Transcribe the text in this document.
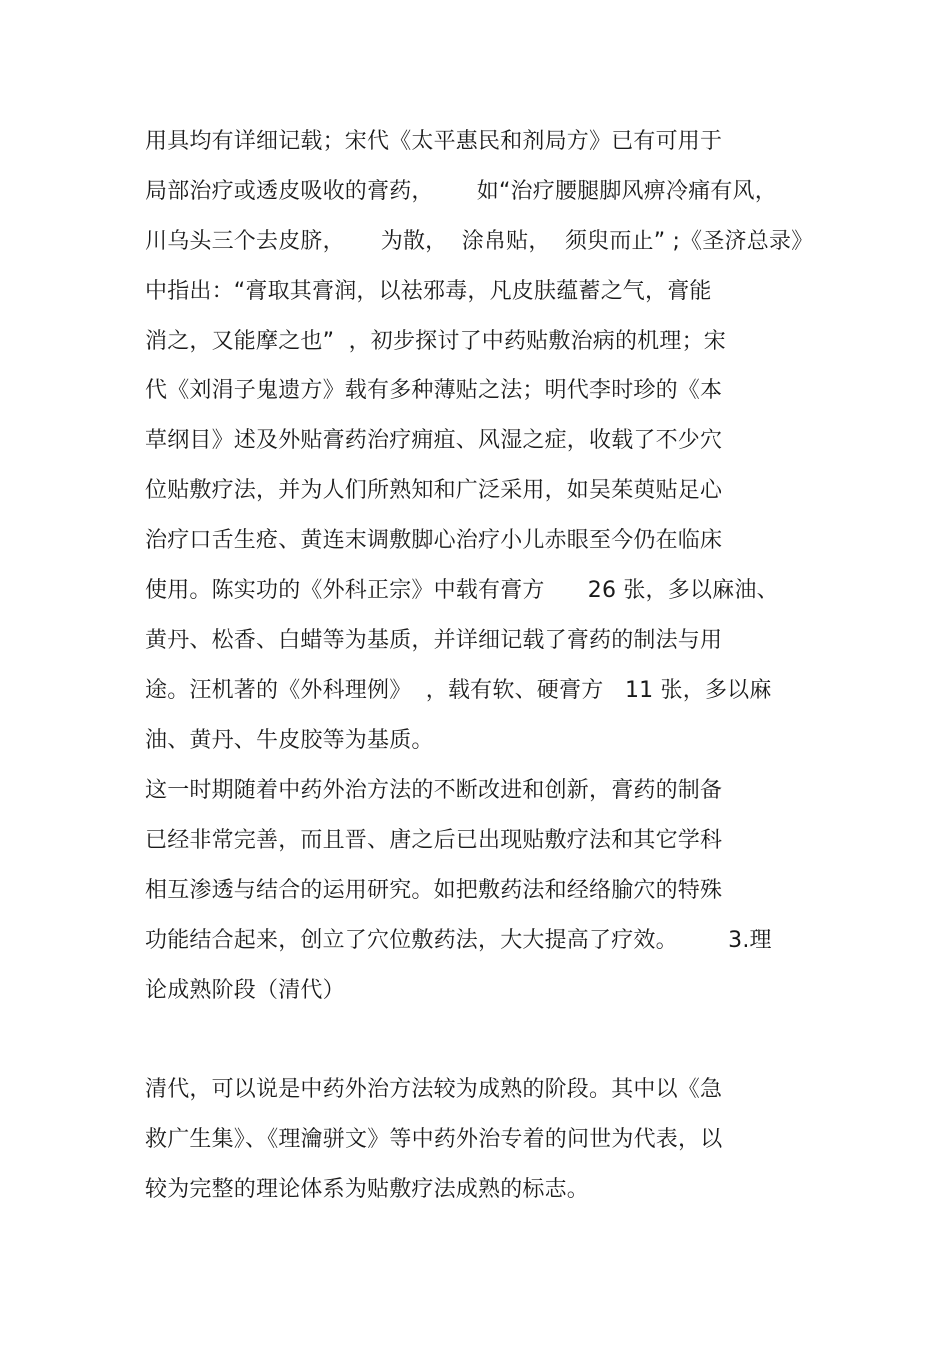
用具均有详细记载；宋代《太平惠民和剂局方》已有可用于
局部治疗或透皮吸收的膏药，      如“治疗腰腿脚风痹冷痛有风，
川乌头三个去皮脐，     为散，  涂帛贴，  须臾而止” ;《圣济总录》
中指出：“膏取其膏润，以祛邪毒，凡皮肤蕴蓄之气，膏能
消之，又能摩之也”  ，初步探讨了中药贴敷治病的机理；宋
代《刘涓子鬼遗方》载有多种薄贴之法；明代李时珍的《本
草纲目》述及外贴膏药治疗痈疽、风湿之症，收载了不少穴
位贴敷疗法，并为人们所熟知和广泛采用，如吴茱萸贴足心
治疗口舌生疮、黄连末调敷脚心治疗小儿赤眼至今仍在临床
使用。陈实功的《外科正宗》中载有膏方      26 张，多以麻油、
黄丹、松香、白蜡等为基质，并详细记载了膏药的制法与用
途。汪机著的《外科理例》  ，载有软、硬膏方   11 张，多以麻
油、黄丹、牛皮胶等为基质。
这一时期随着中药外治方法的不断改进和创新，膏药的制备
已经非常完善，而且晋、唐之后已出现贴敷疗法和其它学科
相互渗透与结合的运用研究。如把敷药法和经络腧穴的特殊
功能结合起来，创立了穴位敷药法，大大提高了疗效。       3.理
论成熟阶段（清代）
清代，可以说是中药外治方法较为成熟的阶段。其中以《急
救广生集》、《理瀹骈文》等中药外治专着的问世为代表，以
较为完整的理论体系为贴敷疗法成熟的标志。
